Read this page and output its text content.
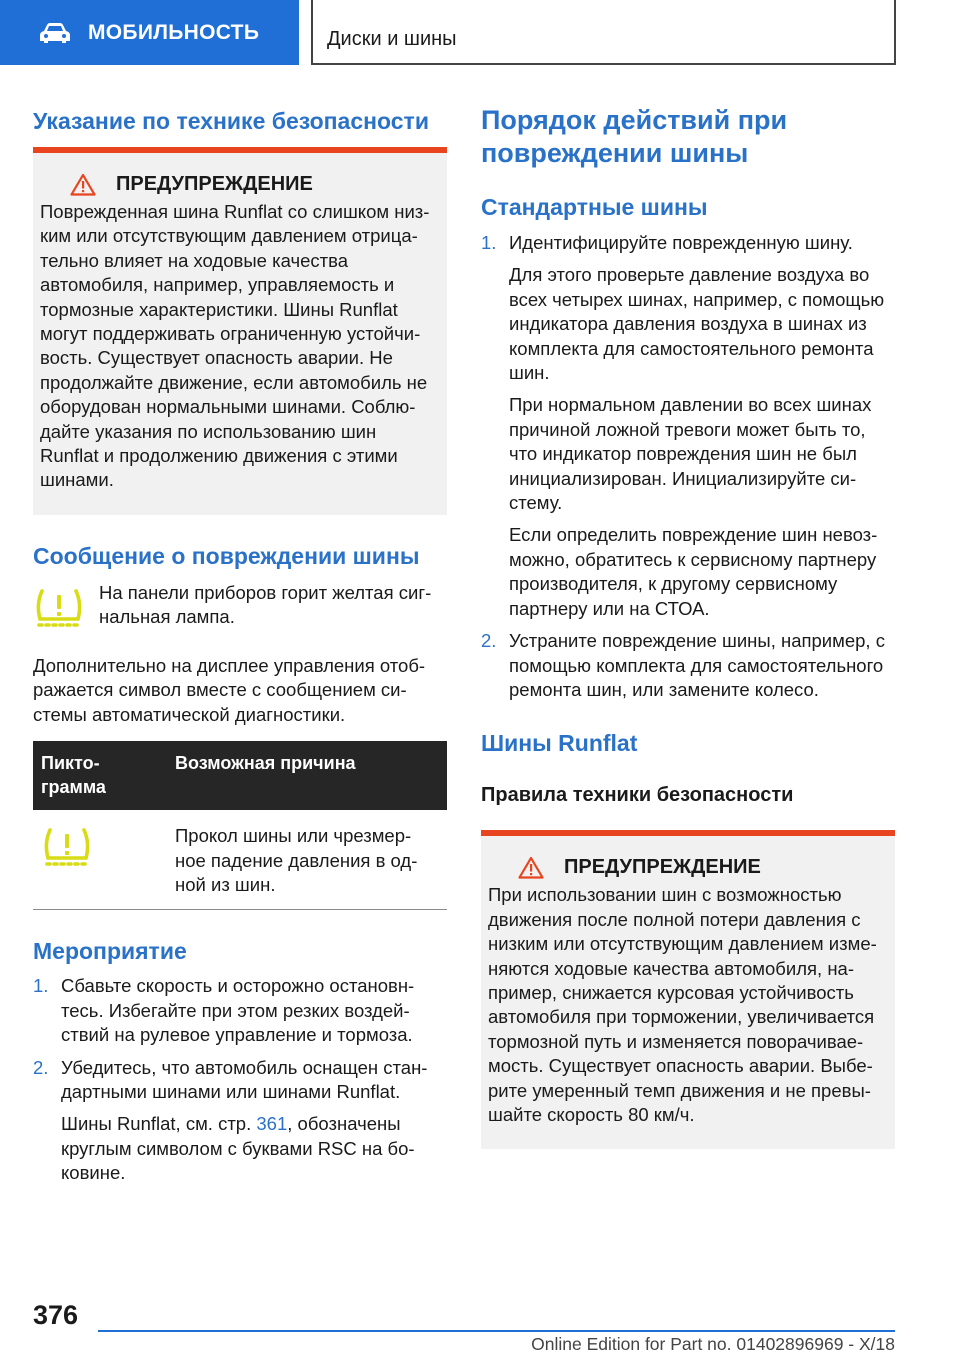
МОБИЛЬНОСТЬ	Диски и шины
Указание по технике безопасности
ПРЕДУПРЕЖДЕНИЕ

Поврежденная шина Runflat со слишком низ-

ким или отсутствующим давлением отрица-

тельно влияет на ходовые качества

автомобиля, например, управляемость и

тормозные характеристики. Шины Runflat

могут поддерживать ограниченную устойчи-

вость. Существует опасность аварии. Не

продолжайте движение, если автомобиль не

оборудован нормальными шинами. Соблю-

дайте указания по использованию шин

Runflat и продолжению движения с этими

шинами.

Сообщение о повреждении шины

На панели приборов горит желтая сиг-

нальная лампа.

Дополнительно на дисплее управления отоб-

ражается символ вместе с сообщением си-

стемы автоматической диагностики.

Пикто-
грамма
Возможная причина

Прокол шины или чрезмер-

ное падение давления в од-

ной из шин.

Мероприятие
1. Сбавьте скорость и осторожно остановн-
тесь. Избегайте при этом резких воздей-
ствий на рулевое управление и тормоза.
2. Убедитесь, что автомобиль оснащен стан-
дартными шинами или шинами Runflat.

Шины Runflat, см. стр. 361, обозначены

круглым символом с буквами RSC на бо-

ковине.

Порядок действий при
повреждении шины
Стандартные шины
1. Идентифицируйте поврежденную шину.

Для этого проверьте давление воздуха во

всех четырех шинах, например, с помощью

индикатора давления воздуха в шинах из

комплекта для самостоятельного ремонта

шин.

При нормальном давлении во всех шинах

причиной ложной тревоги может быть то,

что индикатор повреждения шин не был

инициализирован. Инициализируйте си-

стему.

Если определить повреждение шин невоз-

можно, обратитесь к сервисному партнеру

производителя, к другому сервисному

партнеру или на СТОА.

2. Устраните повреждение шины, например, с
помощью комплекта для самостоятельного
ремонта шин, или замените колесо.
Шины Runflat
Правила техники безопасности
ПРЕДУПРЕЖДЕНИЕ

При использовании шин с возможностью

движения после полной потери давления с

низким или отсутствующим давлением изме-

няются ходовые качества автомобиля, на-

пример, снижается курсовая устойчивость

автомобиля при торможении, увеличивается

тормозной путь и изменяется поворачивае-

мость. Существует опасность аварии. Выбе-

рите умеренный темп движения и не превы-

шайте скорость 80 км/ч.

376
Online Edition for Part no. 01402896969 - X/18
